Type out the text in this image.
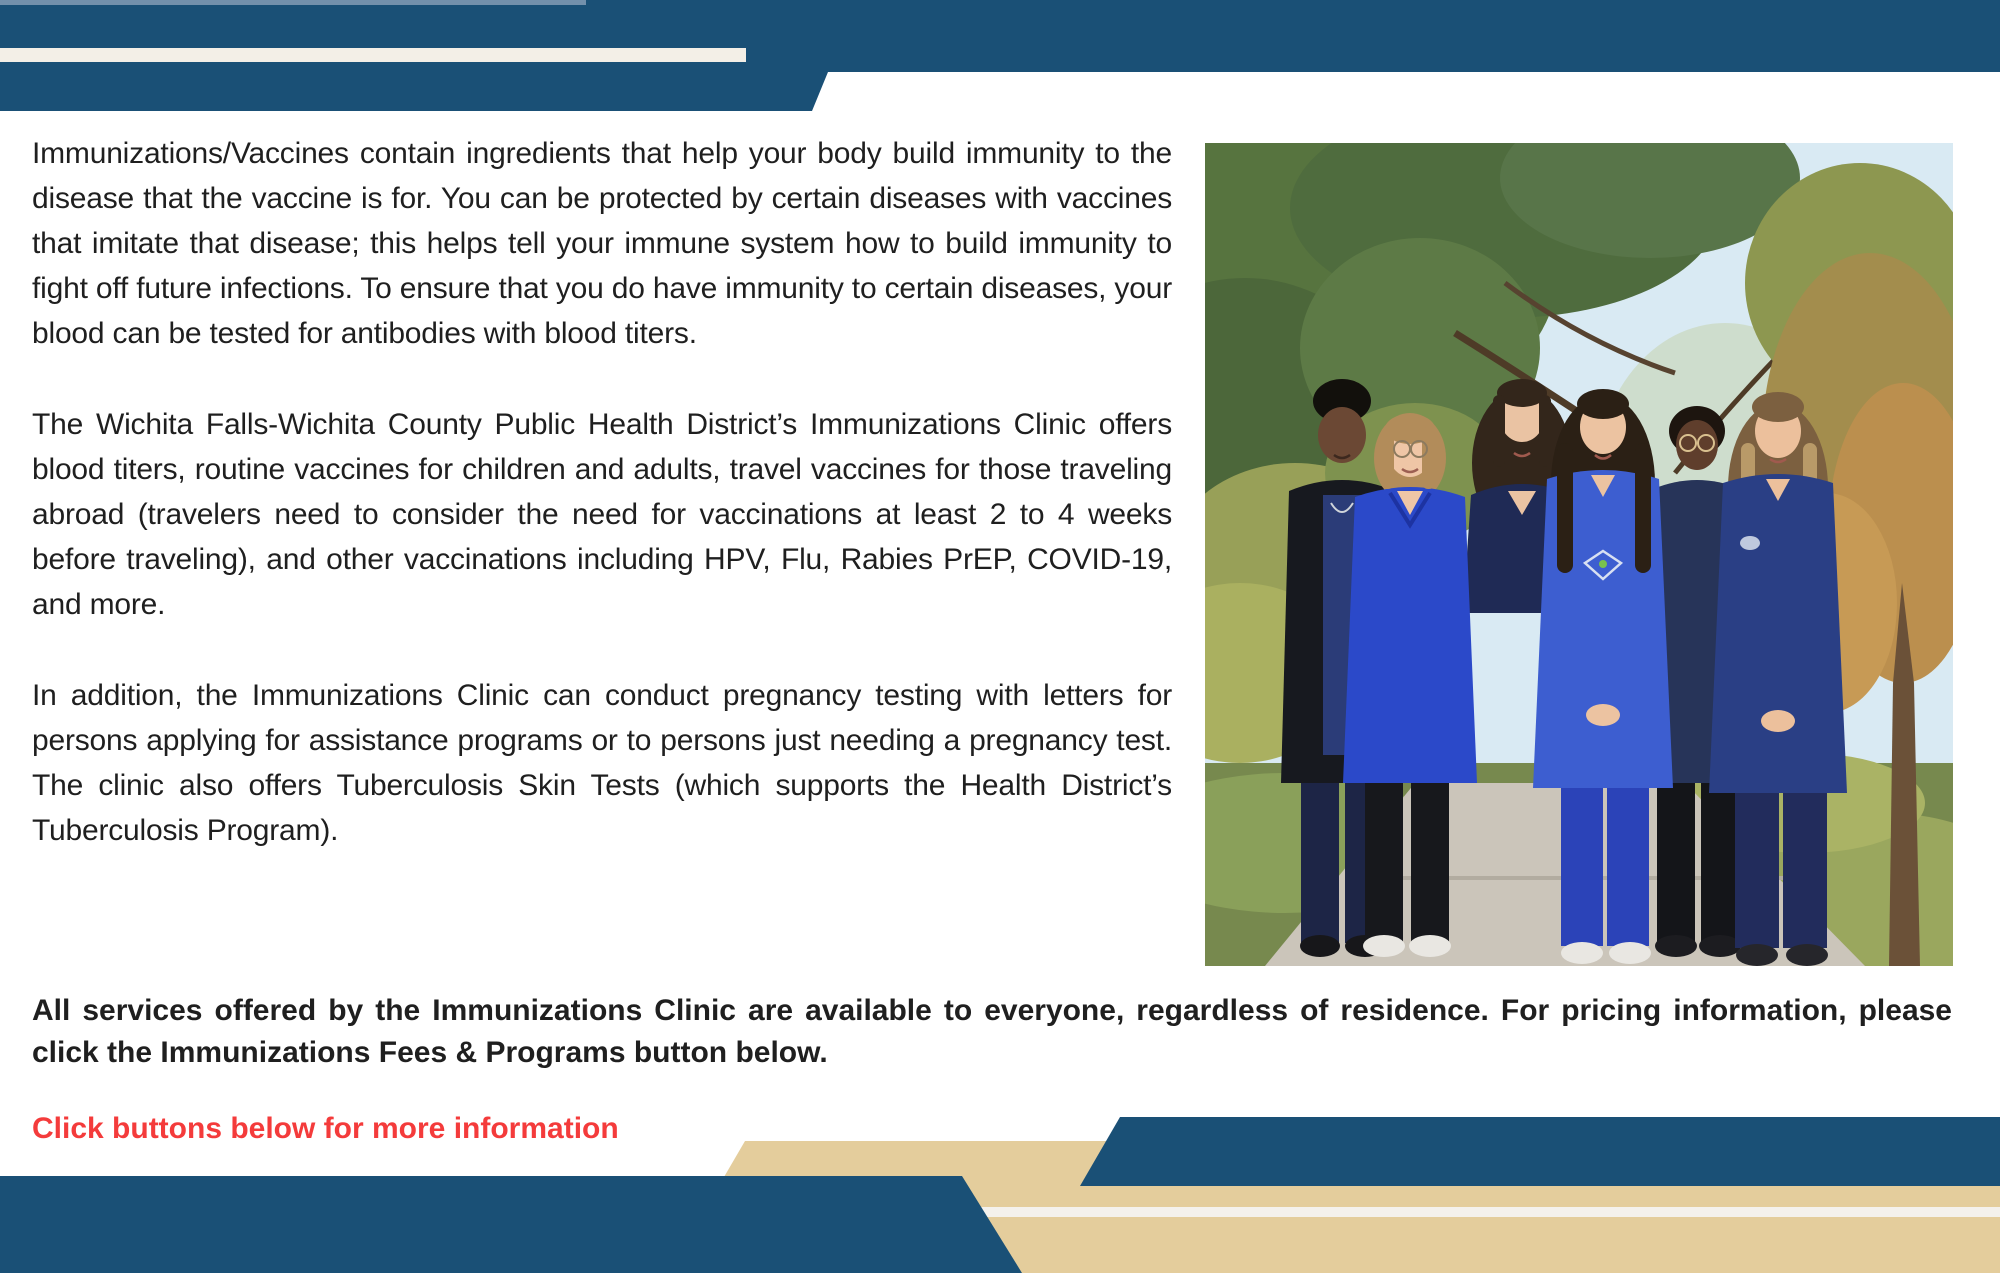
Immunizations/Vaccines contain ingredients that help your body build immunity to the disease that the vaccine is for. You can be protected by certain diseases with vaccines that imitate that disease; this helps tell your immune system how to build immunity to fight off future infections. To ensure that you do have immunity to certain diseases, your blood can be tested for antibodies with blood titers.

The Wichita Falls-Wichita County Public Health District’s Immunizations Clinic offers blood titers, routine vaccines for children and adults, travel vaccines for those traveling abroad (travelers need to consider the need for vaccinations at least 2 to 4 weeks before traveling), and other vaccinations including HPV, Flu, Rabies PrEP, COVID-19, and more.

In addition, the Immunizations Clinic can conduct pregnancy testing with letters for persons applying for assistance programs or to persons just needing a pregnancy test. The clinic also offers Tuberculosis Skin Tests (which supports the Health District’s Tuberculosis Program).

All services offered by the Immunizations Clinic are available to everyone, regardless of residence. For pricing information, please click the Immunizations Fees & Programs button below.

Click buttons below for more information
